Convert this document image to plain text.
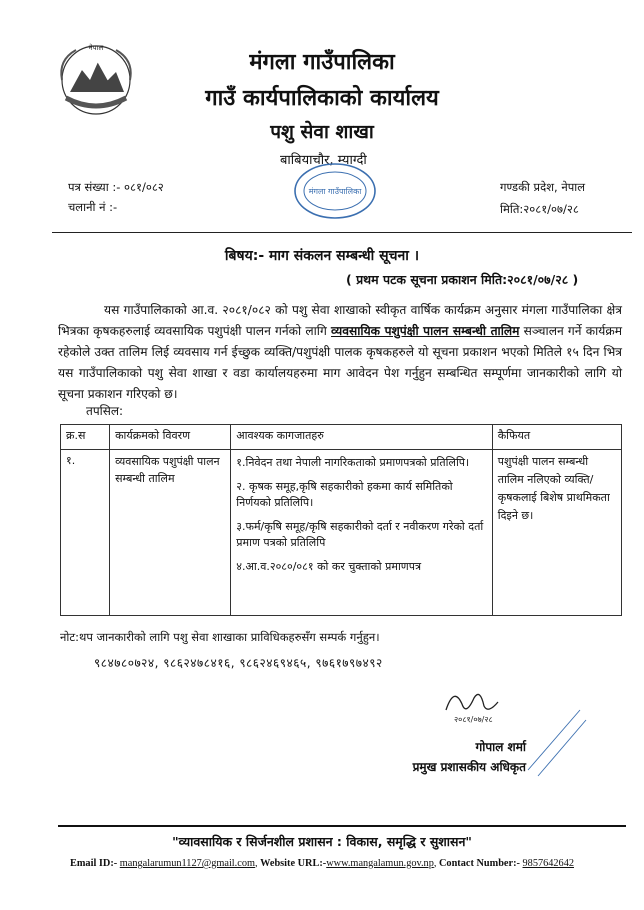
नेपाल
मंगला गाउँपालिका
गाउँ कार्यपालिकाको कार्यालय
पशु सेवा शाखा
बाबियाचौर, म्याग्दी
मंगला गाउँपालिका
पत्र संख्या :- ०८१/०८२
चलानी नं :-
गण्डकी प्रदेश, नेपाल
मिति:२०८१/०७/२८
बिषय:- माग संकलन सम्बन्धी सूचना ।
( प्रथम पटक सूचना प्रकाशन मिति:२०८१/०७/२८ )
यस गाउँपालिकाको आ.व. २०८१/०८२ को पशु सेवा शाखाको स्वीकृत वार्षिक कार्यक्रम अनुसार मंगला गाउँपालिका क्षेत्र भित्रका कृषकहरुलाई व्यवसायिक पशुपंक्षी पालन गर्नको लागि व्यवसायिक पशुपंक्षी पालन सम्बन्धी तालिम सञ्चालन गर्ने कार्यक्रम रहेकोले उक्त तालिम लिई व्यवसाय गर्न ईच्छुक व्यक्ति/पशुपंक्षी पालक कृषकहरुले यो सूचना प्रकाशन भएको मितिले १५ दिन भित्र यस गाउँपालिकाको पशु सेवा शाखा र वडा कार्यालयहरुमा माग आवेदन पेश गर्नुहुन सम्बन्धित सम्पूर्णमा जानकारीको लागि यो सूचना प्रकाशन गरिएको छ।
तपसिल:
क्र.स	कार्यक्रमको विवरण	आवश्यक कागजातहरु	कैफियत
१.	व्यवसायिक पशुपंक्षी पालन सम्बन्धी तालिम	१.निवेदन तथा नेपाली नागरिकताको प्रमाणपत्रको प्रतिलिपि।
२. कृषक समूह,कृषि सहकारीको हकमा कार्य समितिको निर्णयको प्रतिलिपि।
३.फर्म/कृषि समूह/कृषि सहकारीको दर्ता र नवीकरण गरेको दर्ता प्रमाण पत्रको प्रतिलिपि
४.आ.व.२०८०/०८१ को कर चुक्ताको प्रमाणपत्र	पशुपंक्षी पालन सम्बन्धी तालिम नलिएको व्यक्ति/कृषकलाई बिशेष प्राथमिकता दिइने छ।
नोट:थप जानकारीको लागि पशु सेवा शाखाका प्राविधिकहरुसँग सम्पर्क गर्नुहुन।
९८४७८०७२४, ९८६२४७८४१६, ९८६२४६९४६५, ९७६१७९७४९२
२०८१/०७/२८
गोपाल शर्मा
प्रमुख प्रशासकीय अधिकृत
"व्यावसायिक र सिर्जनशील प्रशासन : विकास, समृद्धि र सुशासन"
Email ID:- mangalarumun1127@gmail.com, Website URL:-www.mangalamun.gov.np, Contact Number:- 9857642642
